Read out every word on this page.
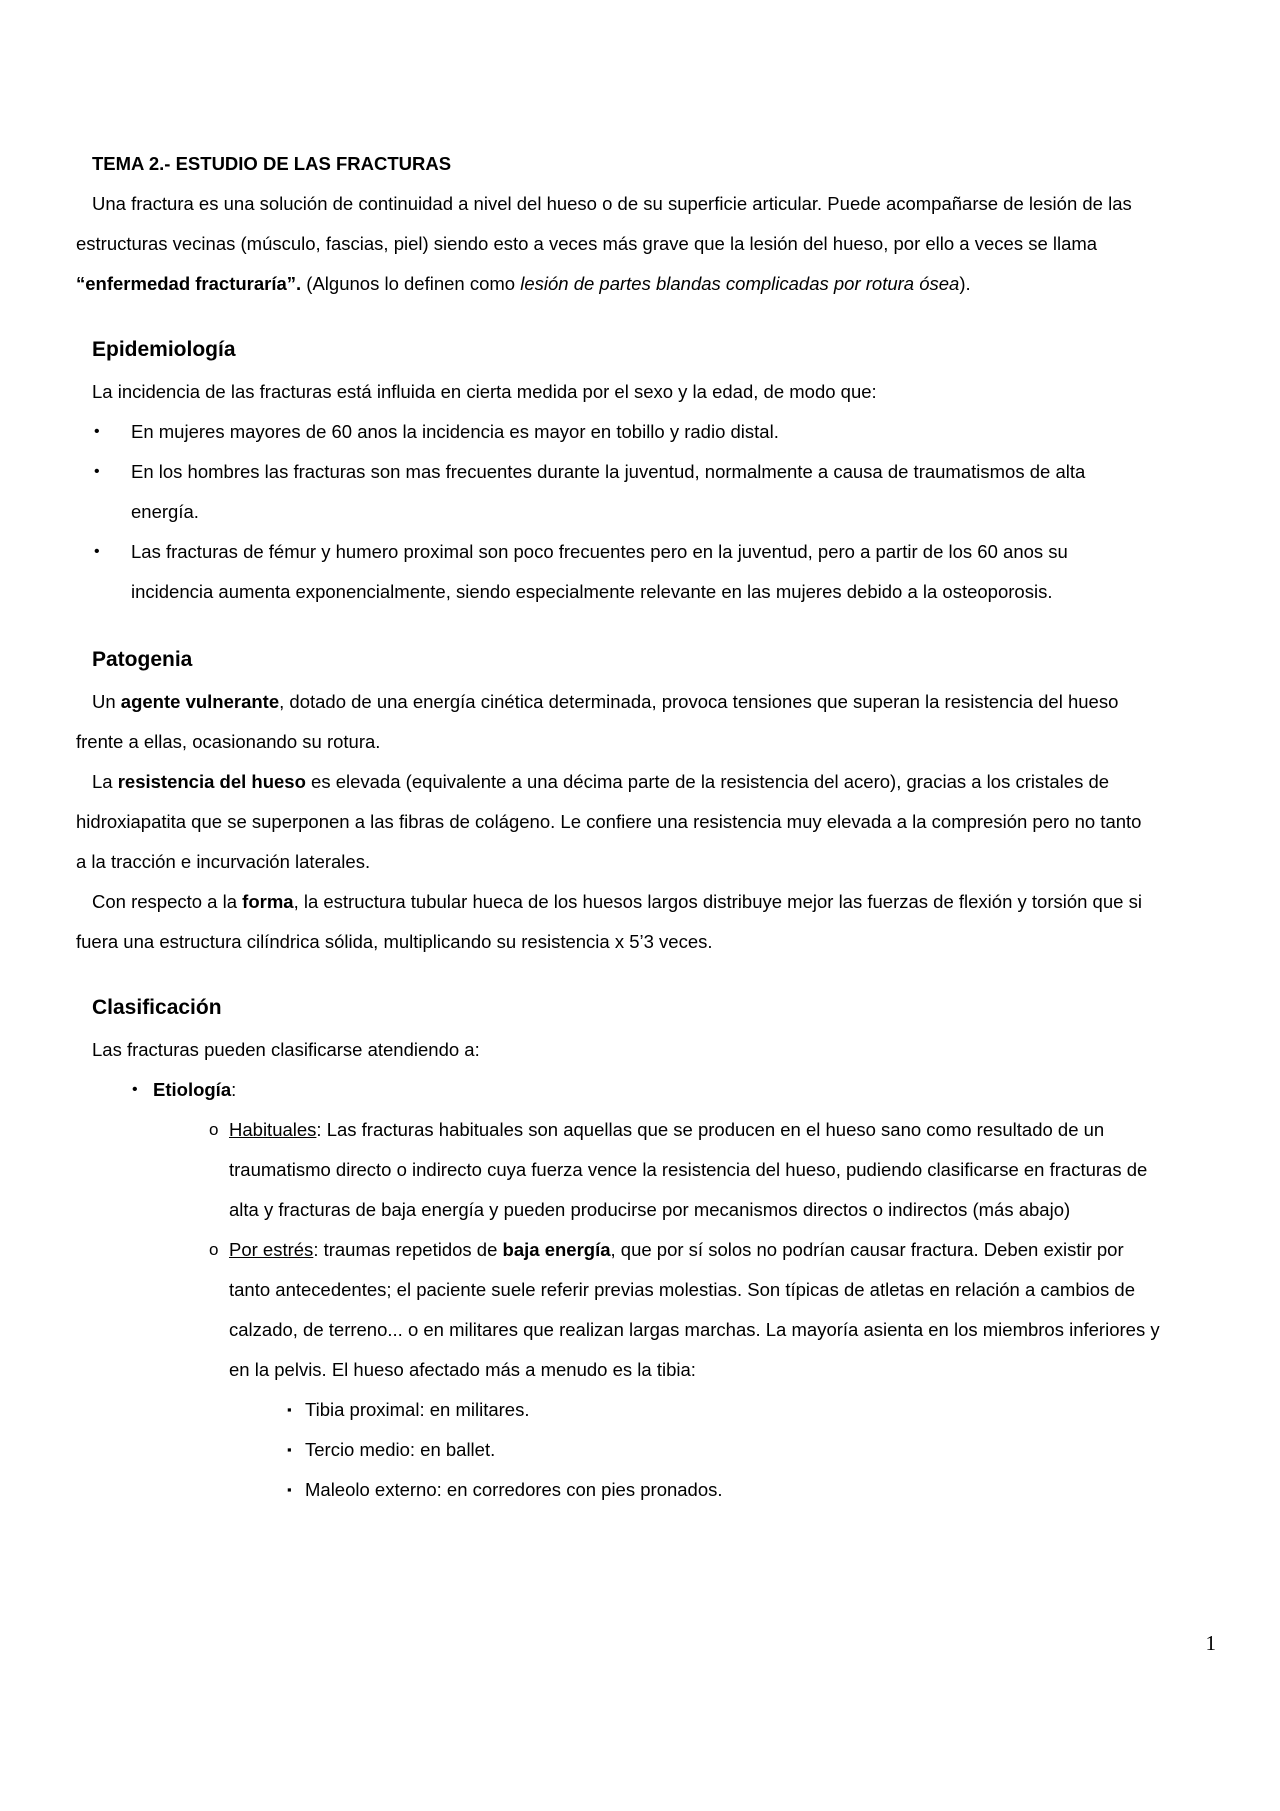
TEMA 2.- ESTUDIO DE LAS FRACTURAS
Una fractura es una solución de continuidad a nivel del hueso o de su superficie articular. Puede acompañarse de lesión de las
estructuras vecinas (músculo, fascias, piel) siendo esto a veces más grave que la lesión del hueso, por ello a veces se llama
“enfermedad fracturaría”. (Algunos lo definen como lesión de partes blandas complicadas por rotura ósea).
Epidemiología
La incidencia de las fracturas está influida en cierta medida por el sexo y la edad, de modo que:
• En mujeres mayores de 60 anos la incidencia es mayor en tobillo y radio distal.
• En los hombres las fracturas son mas frecuentes durante la juventud, normalmente a causa de traumatismos de alta
energía.
• Las fracturas de fémur y humero proximal son poco frecuentes pero en la juventud, pero a partir de los 60 anos su
incidencia aumenta exponencialmente, siendo especialmente relevante en las mujeres debido a la osteoporosis.
Patogenia
Un agente vulnerante, dotado de una energía cinética determinada, provoca tensiones que superan la resistencia del hueso
frente a ellas, ocasionando su rotura.
La resistencia del hueso es elevada (equivalente a una décima parte de la resistencia del acero), gracias a los cristales de
hidroxiapatita que se superponen a las fibras de colágeno. Le confiere una resistencia muy elevada a la compresión pero no tanto
a la tracción e incurvación laterales.
Con respecto a la forma, la estructura tubular hueca de los huesos largos distribuye mejor las fuerzas de flexión y torsión que si
fuera una estructura cilíndrica sólida, multiplicando su resistencia x 5’3 veces.
Clasificación
Las fracturas pueden clasificarse atendiendo a:
• Etiología:
o Habituales: Las fracturas habituales son aquellas que se producen en el hueso sano como resultado de un
traumatismo directo o indirecto cuya fuerza vence la resistencia del hueso, pudiendo clasificarse en fracturas de
alta y fracturas de baja energía y pueden producirse por mecanismos directos o indirectos (más abajo)
o Por estrés: traumas repetidos de baja energía, que por sí solos no podrían causar fractura. Deben existir por
tanto antecedentes; el paciente suele referir previas molestias. Son típicas de atletas en relación a cambios de
calzado, de terreno... o en militares que realizan largas marchas. La mayoría asienta en los miembros inferiores y
en la pelvis. El hueso afectado más a menudo es la tibia:
▪ Tibia proximal: en militares.
▪ Tercio medio: en ballet.
▪ Maleolo externo: en corredores con pies pronados.
1
